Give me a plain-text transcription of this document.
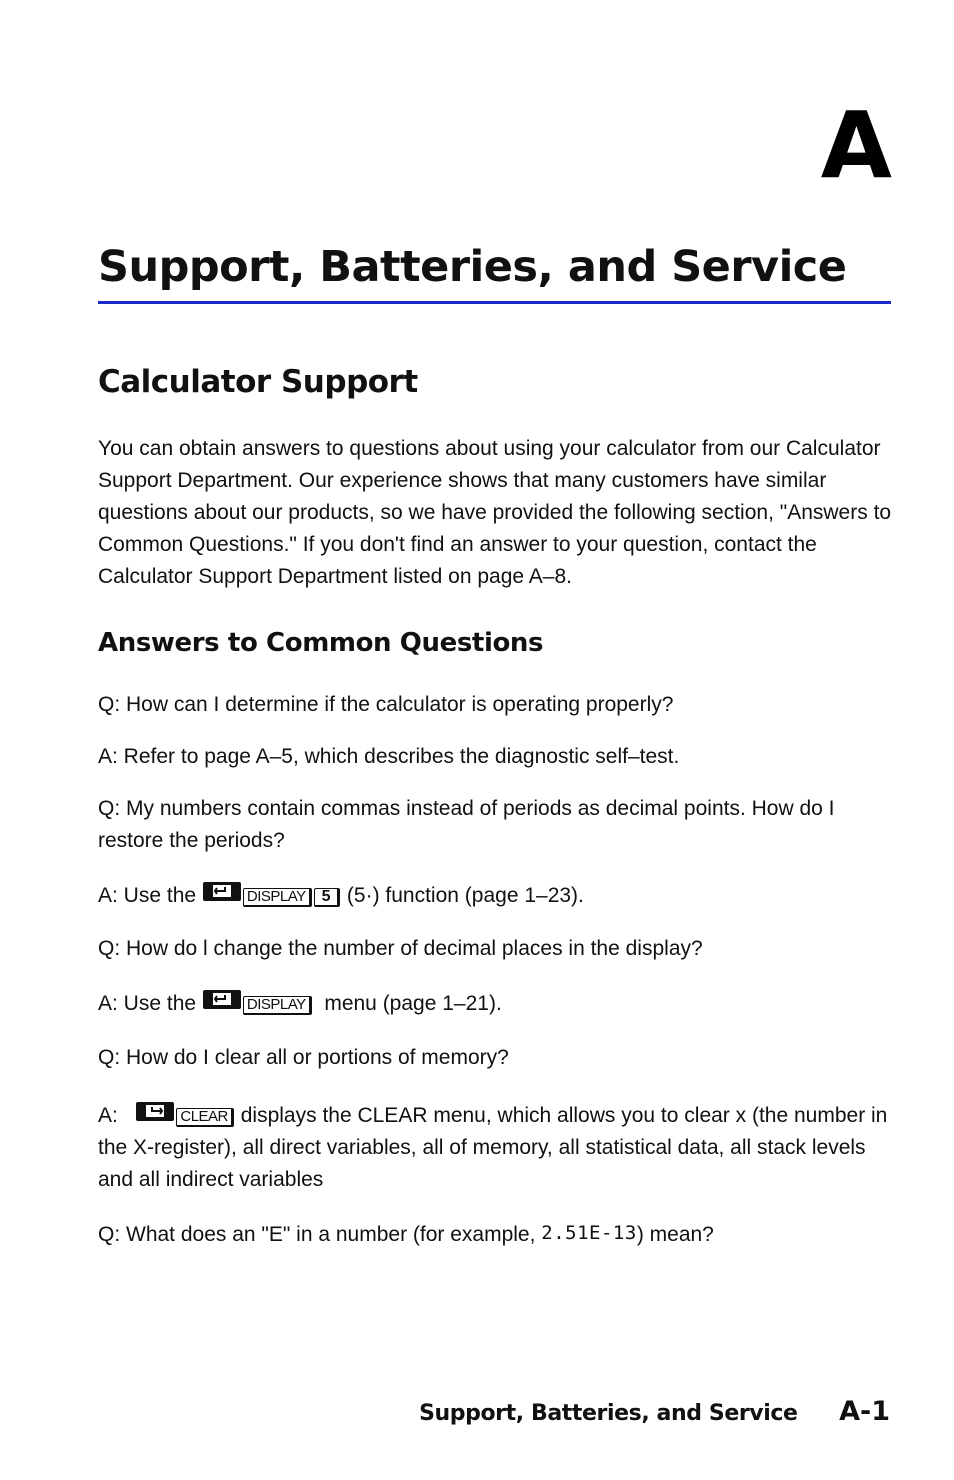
A
Support, Batteries, and Service
Calculator Support

You can obtain answers to questions about using your calculator from our Calculator Support Department. Our experience shows that many customers have similar questions about our products, so we have provided the following section, "Answers to Common Questions." If you don't find an answer to your question, contact the Calculator Support Department listed on page A–8.

Answers to Common Questions

Q: How can I determine if the calculator is operating properly?

A: Refer to page A–5, which describes the diagnostic self–test.

Q: My numbers contain commas instead of periods as decimal points. How do I restore the periods?

A: Use the	DISPLAY 5 (5·) function (page 1–23).

Q: How do l change the number of decimal places in the display?

A: Use the	DISPLAY menu (page 1–21).

Q: How do I clear all or portions of memory?

A:	CLEAR displays the CLEAR menu, which allows you to clear x (the number in the X-register), all direct variables, all of memory, all statistical data, all stack levels and all indirect variables

Q: What does an "E" in a number (for example, 2.51E-13) mean?

Support, Batteries, and Service A-1
